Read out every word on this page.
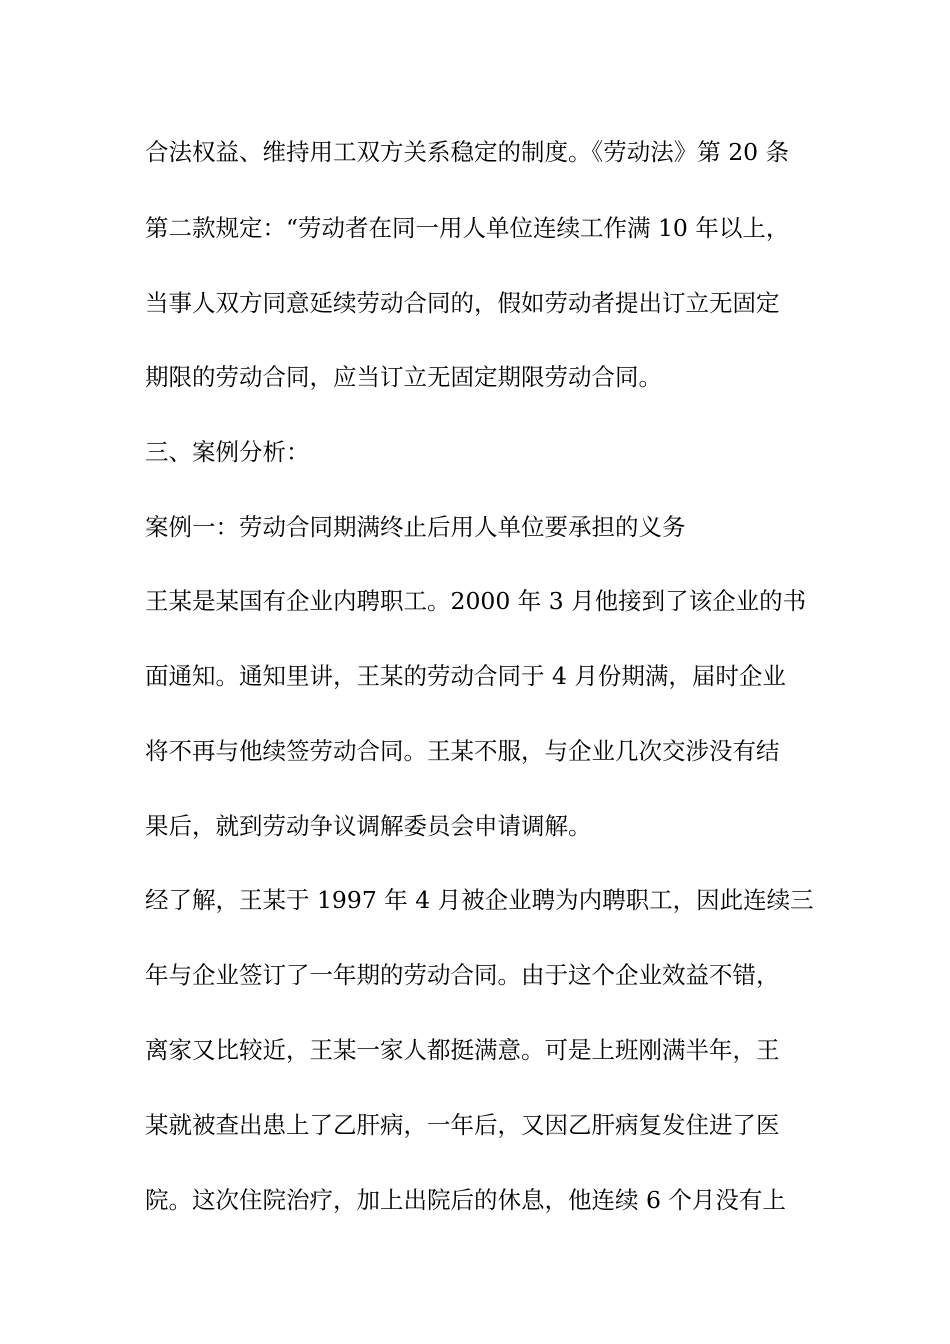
合法权益、维持用工双方关系稳定的制度。《劳动法》第 20 条
第二款规定：“劳动者在同一用人单位连续工作满 10 年以上，
当事人双方同意延续劳动合同的，假如劳动者提出订立无固定
期限的劳动合同，应当订立无固定期限劳动合同。
三、案例分析：
案例一：劳动合同期满终止后用人单位要承担的义务
王某是某国有企业内聘职工。2000 年 3 月他接到了该企业的书
面通知。通知里讲，王某的劳动合同于 4 月份期满，届时企业
将不再与他续签劳动合同。王某不服，与企业几次交涉没有结
果后，就到劳动争议调解委员会申请调解。
经了解，王某于 1997 年 4 月被企业聘为内聘职工，因此连续三
年与企业签订了一年期的劳动合同。由于这个企业效益不错，
离家又比较近，王某一家人都挺满意。可是上班刚满半年，王
某就被查出患上了乙肝病，一年后，又因乙肝病复发住进了医
院。这次住院治疗，加上出院后的休息，他连续 6 个月没有上
